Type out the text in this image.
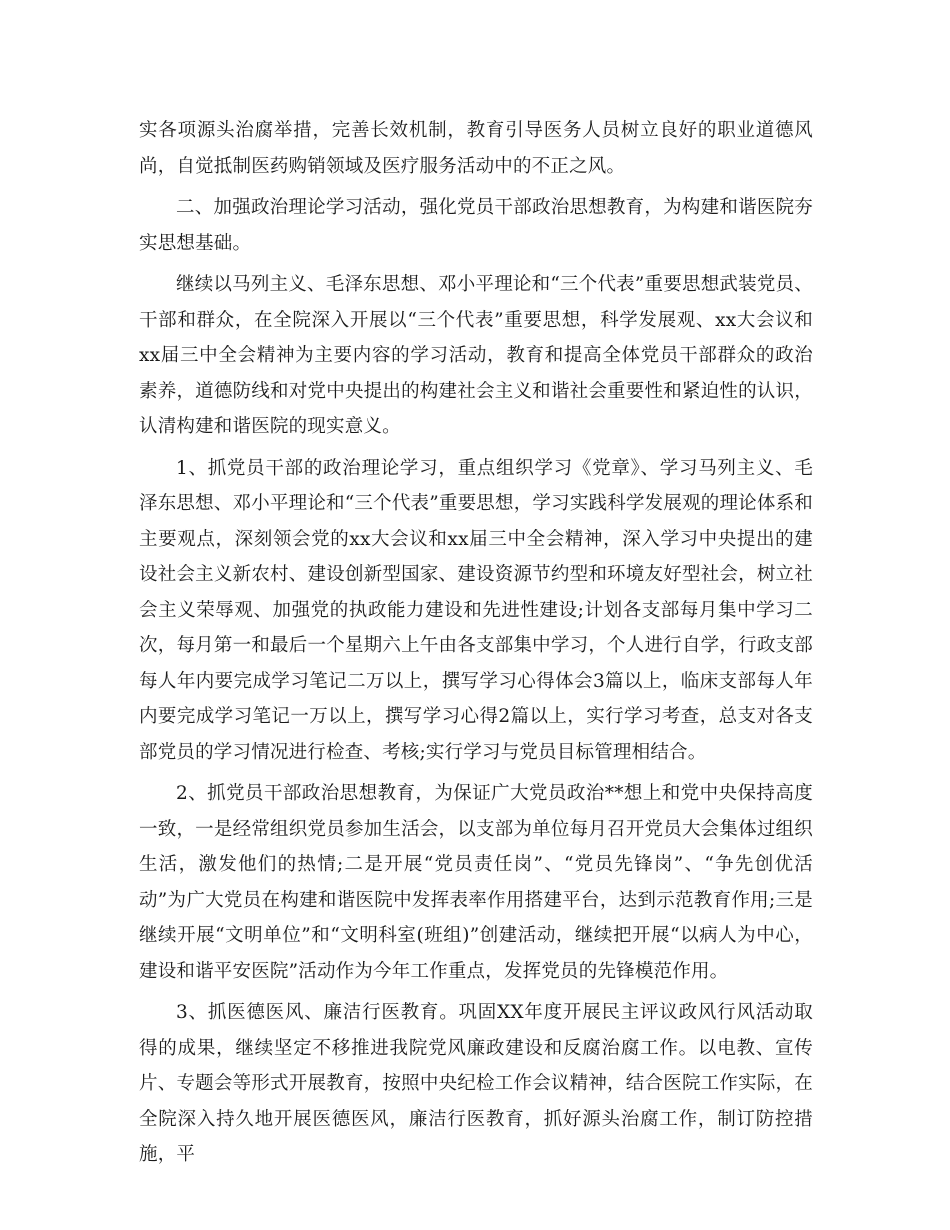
实各项源头治腐举措，完善长效机制，教育引导医务人员树立良好的职业道德风尚，自觉抵制医药购销领域及医疗服务活动中的不正之风。

二、加强政治理论学习活动，强化党员干部政治思想教育，为构建和谐医院夯实思想基础。

继续以马列主义、毛泽东思想、邓小平理论和“三个代表”重要思想武装党员、干部和群众，在全院深入开展以“三个代表”重要思想，科学发展观、xx大会议和xx届三中全会精神为主要内容的学习活动，教育和提高全体党员干部群众的政治素养，道德防线和对党中央提出的构建社会主义和谐社会重要性和紧迫性的认识，认清构建和谐医院的现实意义。

1、抓党员干部的政治理论学习，重点组织学习《党章》、学习马列主义、毛泽东思想、邓小平理论和“三个代表”重要思想，学习实践科学发展观的理论体系和主要观点，深刻领会党的xx大会议和xx届三中全会精神，深入学习中央提出的建设社会主义新农村、建设创新型国家、建设资源节约型和环境友好型社会，树立社会主义荣辱观、加强党的执政能力建设和先进性建设;计划各支部每月集中学习二次，每月第一和最后一个星期六上午由各支部集中学习，个人进行自学，行政支部每人年内要完成学习笔记二万以上，撰写学习心得体会3篇以上，临床支部每人年内要完成学习笔记一万以上，撰写学习心得2篇以上，实行学习考查，总支对各支部党员的学习情况进行检查、考核;实行学习与党员目标管理相结合。

2、抓党员干部政治思想教育，为保证广大党员政治**想上和党中央保持高度一致，一是经常组织党员参加生活会，以支部为单位每月召开党员大会集体过组织生活，激发他们的热情;二是开展“党员责任岗”、“党员先锋岗”、“争先创优活动”为广大党员在构建和谐医院中发挥表率作用搭建平台，达到示范教育作用;三是继续开展“文明单位”和“文明科室(班组)”创建活动，继续把开展“以病人为中心，建设和谐平安医院”活动作为今年工作重点，发挥党员的先锋模范作用。

3、抓医德医风、廉洁行医教育。巩固XX年度开展民主评议政风行风活动取得的成果，继续坚定不移推进我院党风廉政建设和反腐治腐工作。以电教、宣传片、专题会等形式开展教育，按照中央纪检工作会议精神，结合医院工作实际，在全院深入持久地开展医德医风，廉洁行医教育，抓好源头治腐工作，制订防控措施，平
